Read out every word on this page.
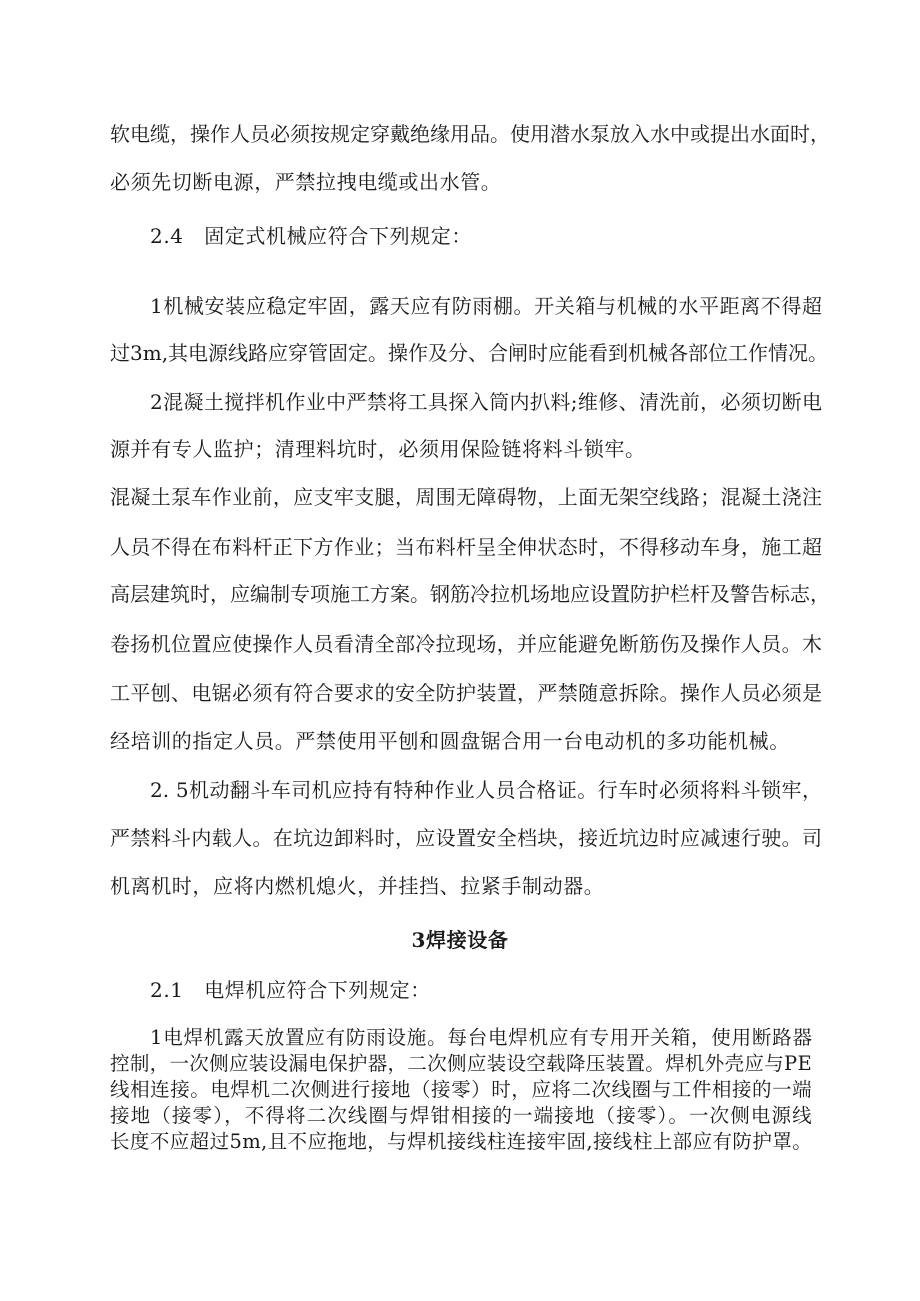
软电缆，操作人员必须按规定穿戴绝缘用品。使用潜水泵放入水中或提出水面时，
必须先切断电源，严禁拉拽电缆或出水管。
2.4　固定式机械应符合下列规定：
1机械安装应稳定牢固，露天应有防雨棚。开关箱与机械的水平距离不得超
过3m,其电源线路应穿管固定。操作及分、合闸时应能看到机械各部位工作情况。
2混凝土搅拌机作业中严禁将工具探入筒内扒料;维修、清洗前，必须切断电
源并有专人监护；清理料坑时，必须用保险链将料斗锁牢。
混凝土泵车作业前，应支牢支腿，周围无障碍物，上面无架空线路；混凝土浇注
人员不得在布料杆正下方作业；当布料杆呈全伸状态时，不得移动车身，施工超
高层建筑时，应编制专项施工方案。钢筋冷拉机场地应设置防护栏杆及警告标志，
卷扬机位置应使操作人员看清全部冷拉现场，并应能避免断筋伤及操作人员。木
工平刨、电锯必须有符合要求的安全防护装置，严禁随意拆除。操作人员必须是
经培训的指定人员。严禁使用平刨和圆盘锯合用一台电动机的多功能机械。
2. 5机动翻斗车司机应持有特种作业人员合格证。行车时必须将料斗锁牢，
严禁料斗内载人。在坑边卸料时，应设置安全档块，接近坑边时应减速行驶。司
机离机时，应将内燃机熄火，并挂挡、拉紧手制动器。
3焊接设备
2.1　电焊机应符合下列规定：
1电焊机露天放置应有防雨设施。每台电焊机应有专用开关箱，使用断路器
控制，一次侧应装设漏电保护器，二次侧应装设空载降压装置。焊机外壳应与PE
线相连接。电焊机二次侧进行接地（接零）时，应将二次线圈与工件相接的一端
接地（接零），不得将二次线圈与焊钳相接的一端接地（接零）。一次侧电源线
长度不应超过5m,且不应拖地，与焊机接线柱连接牢固,接线柱上部应有防护罩。
